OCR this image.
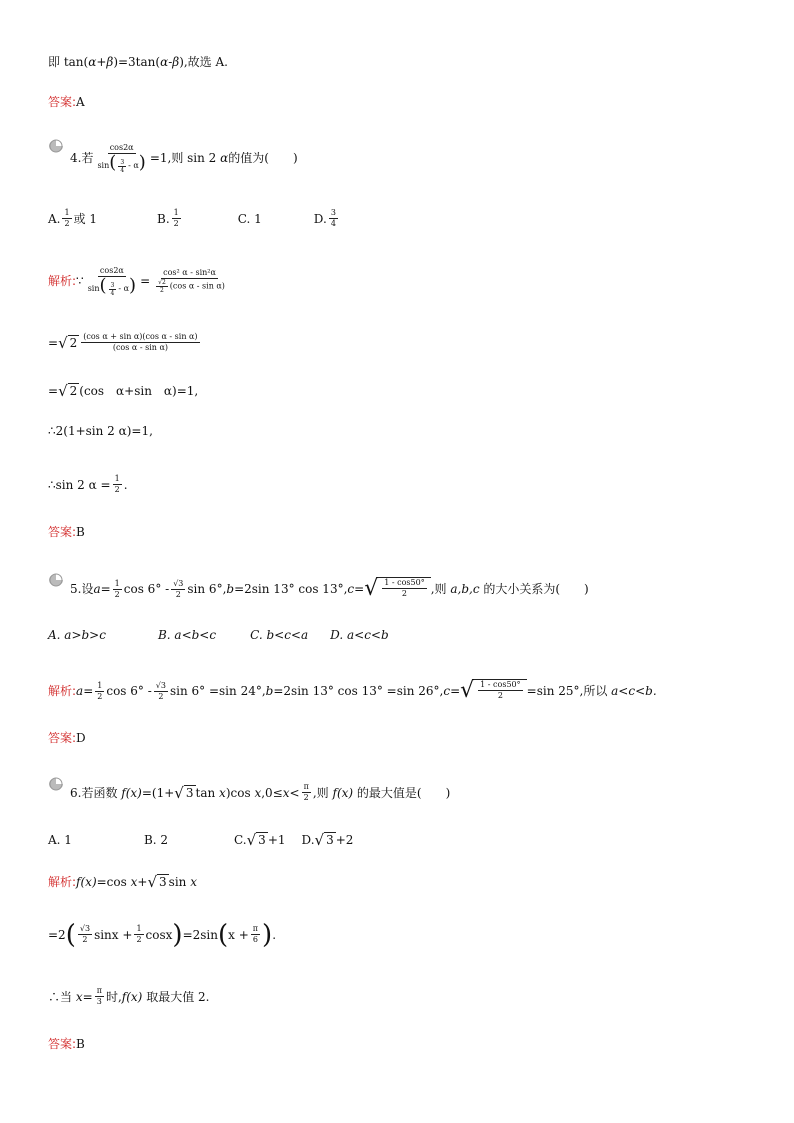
即 tan( α + β )=3tan( α - β ),故选 A.
答案: A
4.若 $\frac{\cos 2\alpha}{\sin( \frac{3}{4} - \alpha)} =1$,则 sin 2
α 的值为(　　)
A. $\frac{1}{2}$ 或 1	B. $\frac{1}{2}$	C. 1	D. $\frac{3}{4}$
解析: ∵ $\frac{\cos 2\alpha}{\sin( \frac{3}{4} - \alpha)} = \frac{\text{cos² α - sin²α}}{\frac{√2}{2} (\cos \alpha - \sin \alpha)}$
= √ $2 \frac{\text{(cos α + sin α)(cos α - sin α)}}{\text{(cos α - sin α)}}$
= √ 2 (cos　α+sin　α)=1,
∴2(1+sin 2 α)=1,
∴sin 2 $\alpha = \frac{1}{2}$ .
答案: B
5.设 $a = \frac{1}{2}$ $\cos 6^\circ - \frac{√3}{2}$ sin 6°, b =2sin 13° cos 13°, c = √ $\frac{1 - \cos 50^\circ}{2}$ ,则
a,b,c
的大小关系为(　　)
A. a>b>c	B. a<b<c	C. b<c<a D. a<c<b
解析: $a = \frac{1}{2}$ $\cos 6^\circ - \frac{√3}{2}$ sin 6° =sin 24°, b =2sin 13° cos 13° =sin 26°, c = √ $\frac{1 - \cos 50^\circ}{2} =\sin$ 25°,所以
a<c<b.
答案: D
6.若函数
f(x) =(1+ √ 3 tan
x )cos
x $,0\le x < \frac{\pi}{2}$ ,则
f(x)
的最大值是(　　)
A. 1	B. 2	C. √ 3 +1 D. √ 3 +2
解析: f(x) =cos
x + √ 3 sin
x
=2 ( $\frac{√3}{2}$ $\sin x + \frac{1}{2}$ cosx ) =2sin ( $x + \frac{\pi}{6}$ ) .
∴当
$x = \frac{\pi}{3}$ 时, f(x)
取最大值 2.
答案: B
